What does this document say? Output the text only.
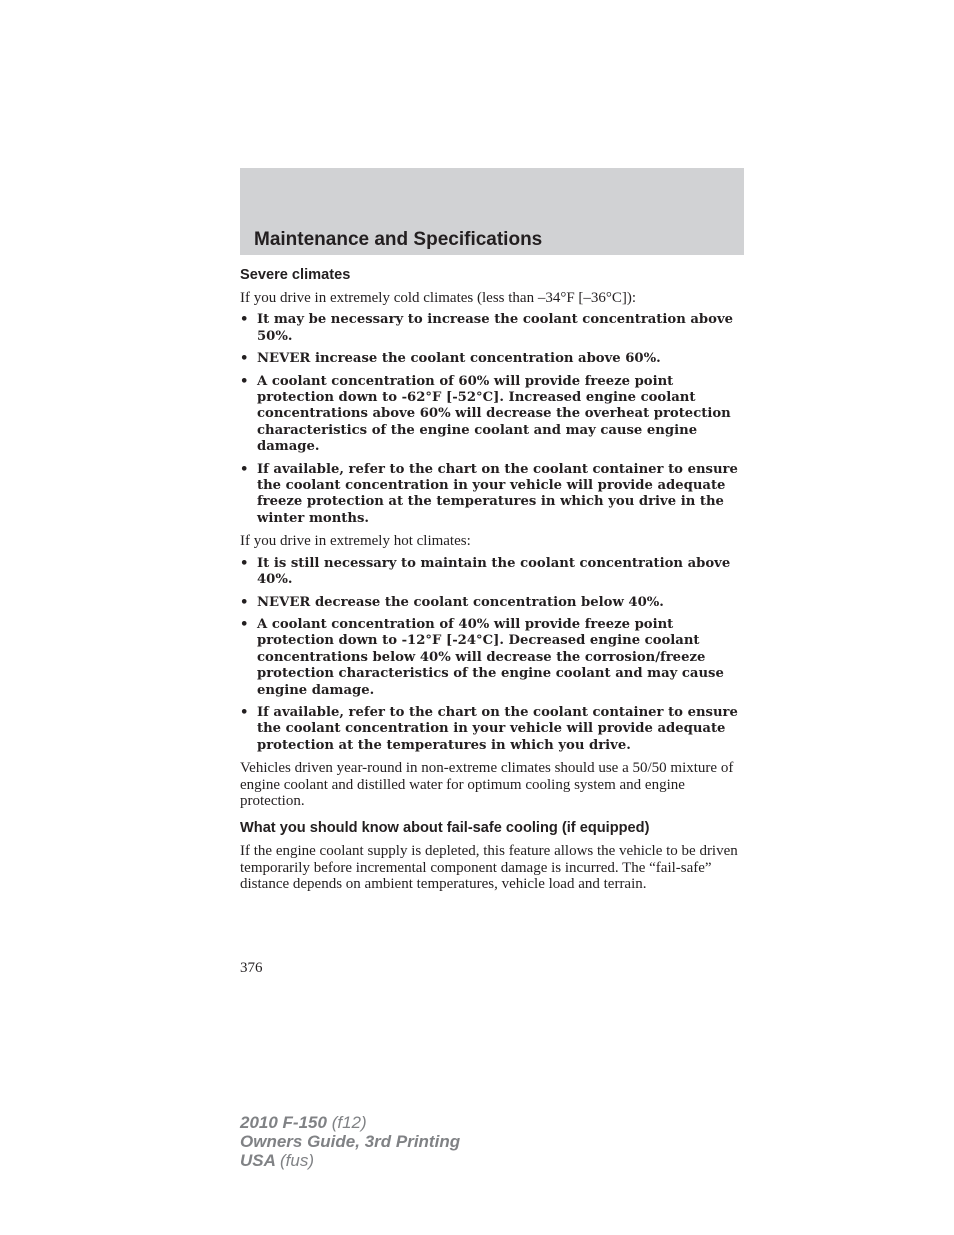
Maintenance and Specifications
Severe climates

If you drive in extremely cold climates (less than –34°F [–36°C]):

• It may be necessary to increase the coolant concentration above 50%.
• NEVER increase the coolant concentration above 60%.
• A coolant concentration of 60% will provide freeze point protection down to -62°F [-52°C]. Increased engine coolant concentrations above 60% will decrease the overheat protection characteristics of the engine coolant and may cause engine damage.
• If available, refer to the chart on the coolant container to ensure the coolant concentration in your vehicle will provide adequate freeze protection at the temperatures in which you drive in the winter months.

If you drive in extremely hot climates:

• It is still necessary to maintain the coolant concentration above 40%.
• NEVER decrease the coolant concentration below 40%.
• A coolant concentration of 40% will provide freeze point protection down to -12°F [-24°C]. Decreased engine coolant concentrations below 40% will decrease the corrosion/freeze protection characteristics of the engine coolant and may cause engine damage.
• If available, refer to the chart on the coolant container to ensure the coolant concentration in your vehicle will provide adequate protection at the temperatures in which you drive.

Vehicles driven year-round in non-extreme climates should use a 50/50 mixture of engine coolant and distilled water for optimum cooling system and engine protection.

What you should know about fail-safe cooling (if equipped)

If the engine coolant supply is depleted, this feature allows the vehicle to be driven temporarily before incremental component damage is incurred. The “fail-safe” distance depends on ambient temperatures, vehicle load and terrain.

376
2010 F-150 (f12)
Owners Guide, 3rd Printing
USA (fus)
